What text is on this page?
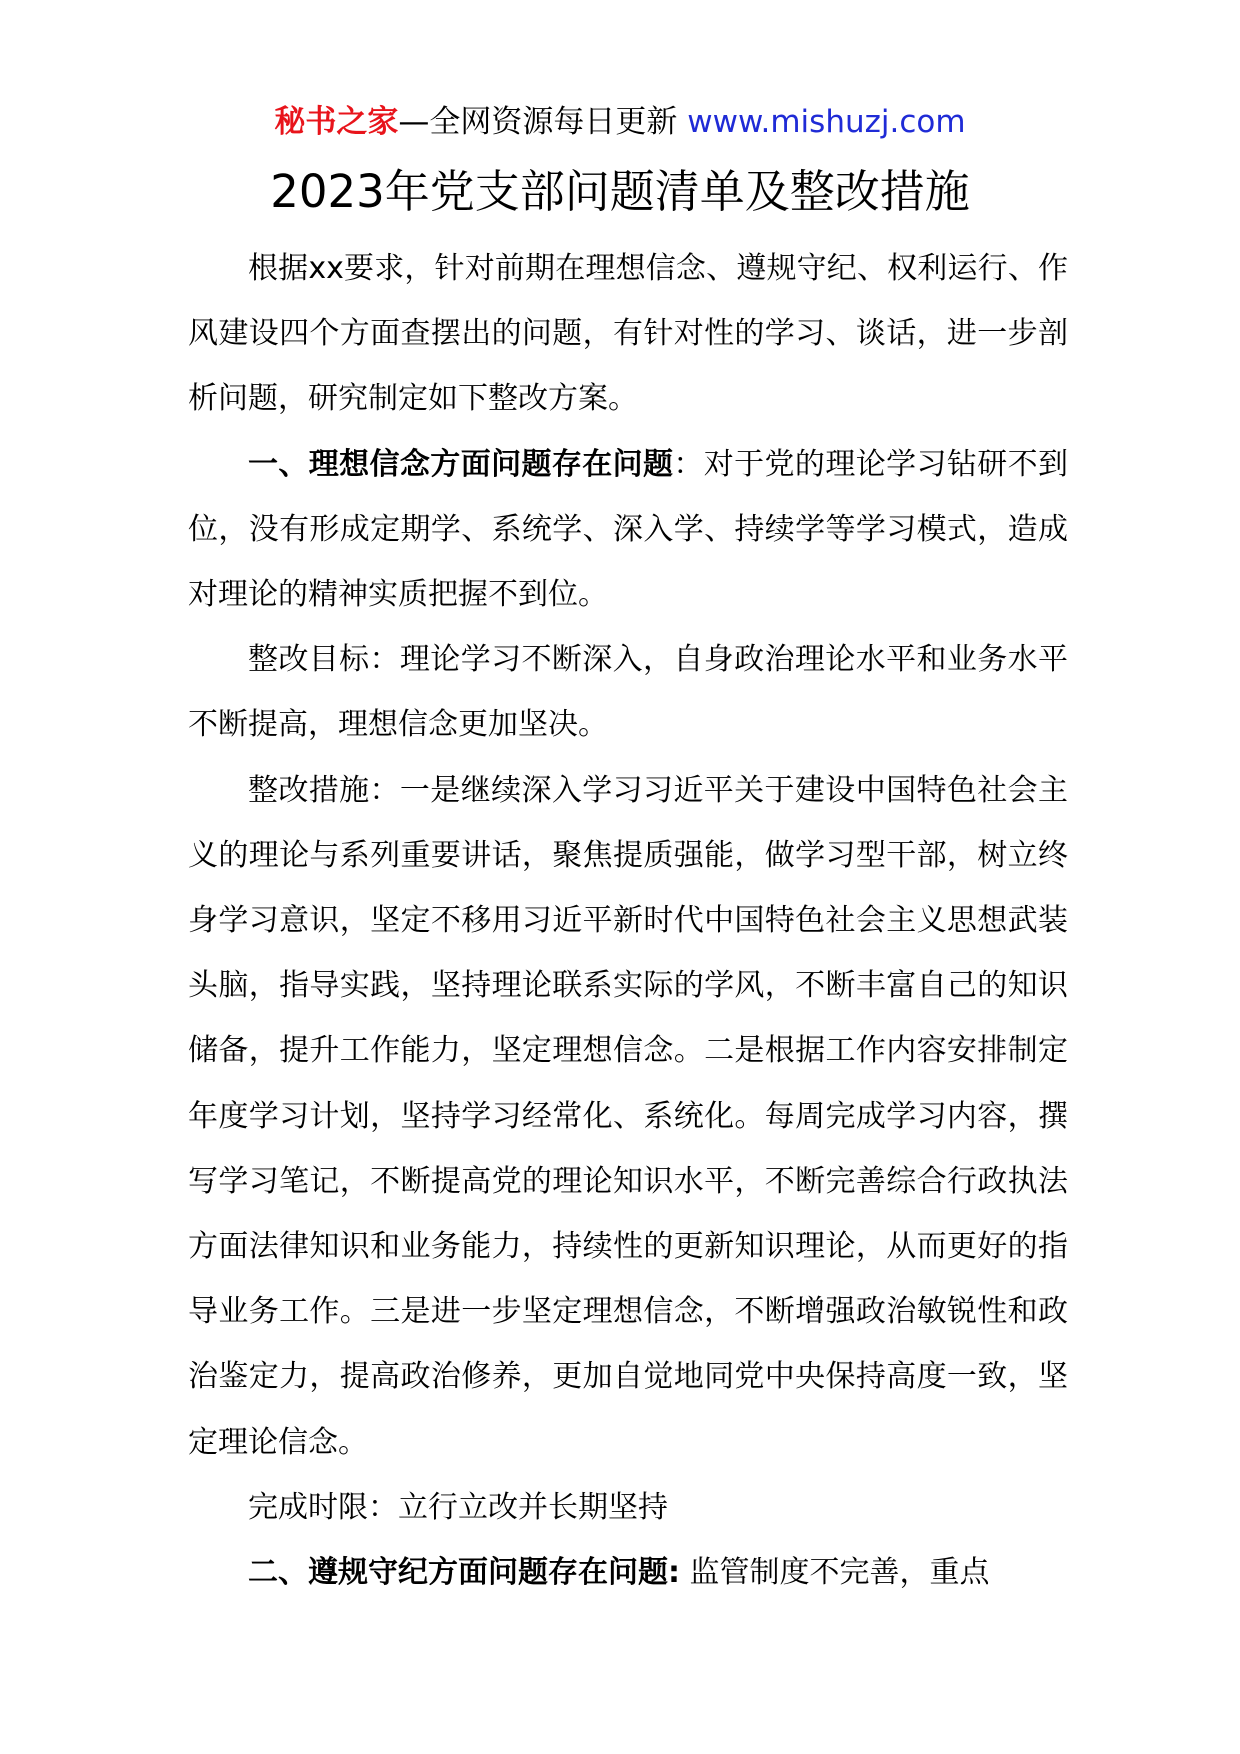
秘书之家—全网资源每日更新 www.mishuzj.com
2023年党支部问题清单及整改措施

根据xx要求，针对前期在理想信念、遵规守纪、权利运行、作风建设四个方面查摆出的问题，有针对性的学习、谈话，进一步剖析问题，研究制定如下整改方案。

一、理想信念方面问题存在问题：对于党的理论学习钻研不到位，没有形成定期学、系统学、深入学、持续学等学习模式，造成对理论的精神实质把握不到位。

整改目标：理论学习不断深入，自身政治理论水平和业务水平不断提高，理想信念更加坚决。

整改措施：一是继续深入学习习近平关于建设中国特色社会主义的理论与系列重要讲话，聚焦提质强能，做学习型干部，树立终身学习意识，坚定不移用习近平新时代中国特色社会主义思想武装头脑，指导实践，坚持理论联系实际的学风，不断丰富自己的知识储备，提升工作能力，坚定理想信念。二是根据工作内容安排制定年度学习计划，坚持学习经常化、系统化。每周完成学习内容，撰写学习笔记，不断提高党的理论知识水平，不断完善综合行政执法方面法律知识和业务能力，持续性的更新知识理论，从而更好的指导业务工作。三是进一步坚定理想信念，不断增强政治敏锐性和政治鉴定力，提高政治修养，更加自觉地同党中央保持高度一致，坚定理论信念。

完成时限：立行立改并长期坚持

二、遵规守纪方面问题存在问题: 监管制度不完善，重点
